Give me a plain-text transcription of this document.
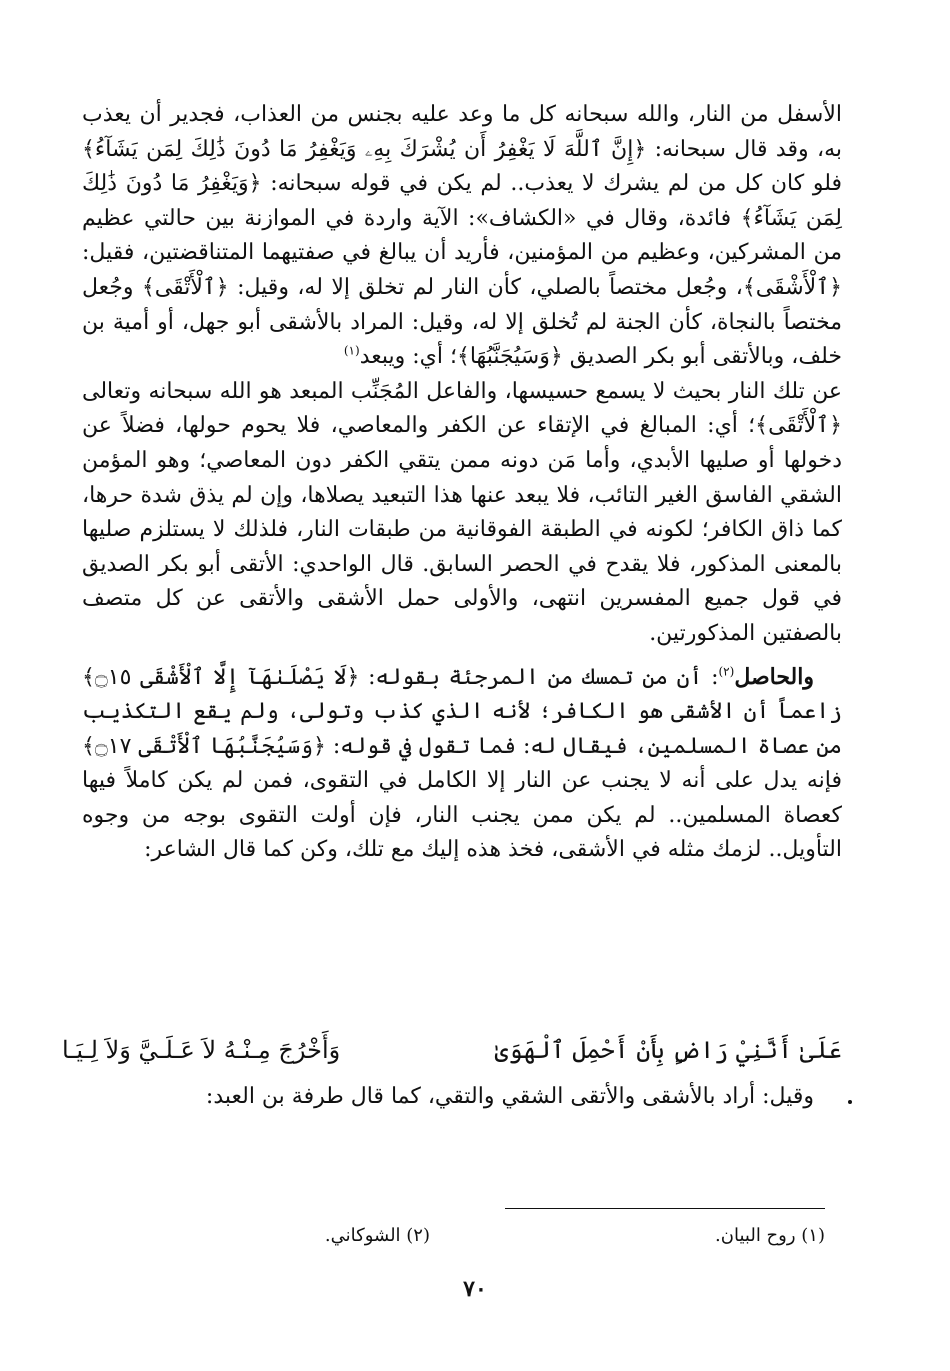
الأسفل من النار، والله سبحانه كل ما وعد عليه بجنس من العذاب، فجدير أن يعذب به، وقد قال سبحانه: ﴿إِنَّ ٱللَّهَ لَا يَغْفِرُ أَن يُشْرَكَ بِهِۦ وَيَغْفِرُ مَا دُونَ ذَٰلِكَ لِمَن يَشَآءُ﴾ فلو كان كل من لم يشرك لا يعذب.. لم يكن في قوله سبحانه: ﴿وَيَغْفِرُ مَا دُونَ ذَٰلِكَ لِمَن يَشَآءُ﴾ فائدة، وقال في «الكشاف»: الآية واردة في الموازنة بين حالتي عظيم من المشركين، وعظيم من المؤمنين، فأريد أن يبالغ في صفتيهما المتناقضتين، فقيل: ﴿ٱلْأَشْقَى﴾، وجُعل مختصاً بالصلي، كأن النار لم تخلق إلا له، وقيل: ﴿ٱلْأَتْقَى﴾ وجُعل مختصاً بالنجاة، كأن الجنة لم تُخلق إلا له، وقيل: المراد بالأشقى أبو جهل، أو أمية بن خلف، وبالأتقى أبو بكر الصديق ﴿وَسَيُجَنَّبُهَا﴾؛ أي: ويبعد$^{(١)}$

عن تلك النار بحيث لا يسمع حسيسها، والفاعل المُجَنِّب المبعد هو الله سبحانه وتعالى ﴿ٱلْأَتْقَى﴾؛ أي: المبالغ في الإتقاء عن الكفر والمعاصي، فلا يحوم حولها، فضلاً عن دخولها أو صليها الأبدي، وأما مَن دونه ممن يتقي الكفر دون المعاصي؛ وهو المؤمن الشقي الفاسق الغير التائب، فلا يبعد عنها هذا التبعيد يصلاها، وإن لم يذق شدة حرها، كما ذاق الكافر؛ لكونه في الطبقة الفوقانية من طبقات النار، فلذلك لا يستلزم صليها بالمعنى المذكور، فلا يقدح في الحصر السابق. قال الواحدي: الأتقى أبو بكر الصديق في قول جميع المفسرين انتهى، والأولى حمل الأشقى والأتقى عن كل متصف بالصفتين المذكورتين.

والحاصل$^{(٢)}$: أن من تمسك من المرجئة بقوله: ﴿لَا يَصْلَىٰهَآ إِلَّا ٱلْأَشْقَى ۝١٥﴾ زاعماً أن الأشقى هو الكافر؛ لأنه الذي كذب وتولى، ولم يقع التكذيب من عصاة المسلمين، فيقال له: فما تقول في قوله: ﴿وَسَيُجَنَّبُهَا ٱلْأَتْقَى ۝١٧﴾ فإنه يدل على أنه لا يجنب عن النار إلا الكامل في التقوى، فمن لم يكن كاملاً فيها كعصاة المسلمين.. لم يكن ممن يجنب النار، فإن أولت التقوى بوجه من وجوه التأويل.. لزمك مثله في الأشقى، فخذ هذه إليك مع تلك، وكن كما قال الشاعر:

عَلَىٰ أَنَّنِيْ رَاضٍ بِأَنْ أَحْمِلَ ٱلْهَوَىٰ
وَأَخْرُجَ مِـنْـهُ لاَ عَـلَـيَّ وَلاَ لِـيَـا
وقيل: أراد بالأشقى والأتقى الشقي والتقي، كما قال طرفة بن العبد:
(١) روح البيان.
(٢) الشوكاني.
٧٠
